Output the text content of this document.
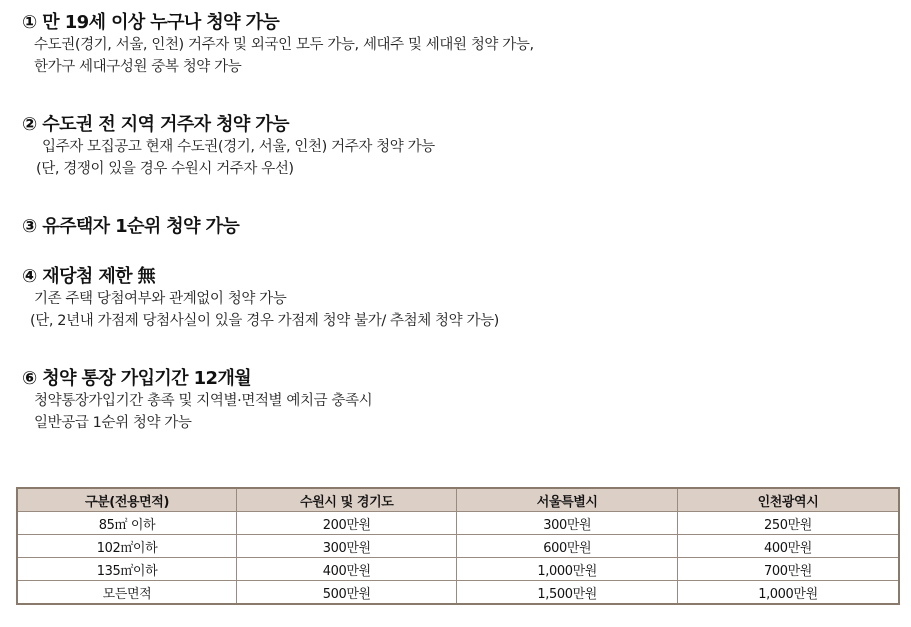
① 만 19세 이상 누구나 청약 가능
수도권(경기, 서울, 인천) 거주자 및 외국인 모두 가능, 세대주 및 세대원 청약 가능,
한가구 세대구성원 중복 청약 가능
② 수도권 전 지역 거주자 청약 가능
입주자 모집공고 현재 수도권(경기, 서울, 인천) 거주자 청약 가능
(단, 경쟁이 있을 경우 수원시 거주자 우선)
③ 유주택자 1순위 청약 가능
④ 재당첨 제한 無
기존 주택 당첨여부와 관계없이 청약 가능
(단, 2년내 가점제 당첨사실이 있을 경우 가점제 청약 불가/ 추첨체 청약 가능)
⑥ 청약 통장 가입기간 12개월
청약통장가입기간 총족 및 지역별·면적별 예치금 충족시
일반공급 1순위 청약 가능
구분(전용면적)	수원시 및 경기도	서울특별시	인천광역시
85㎡ 이하	200만원	300만원	250만원
102㎡이하	300만원	600만원	400만원
135㎡이하	400만원	1,000만원	700만원
모든면적	500만원	1,500만원	1,000만원
